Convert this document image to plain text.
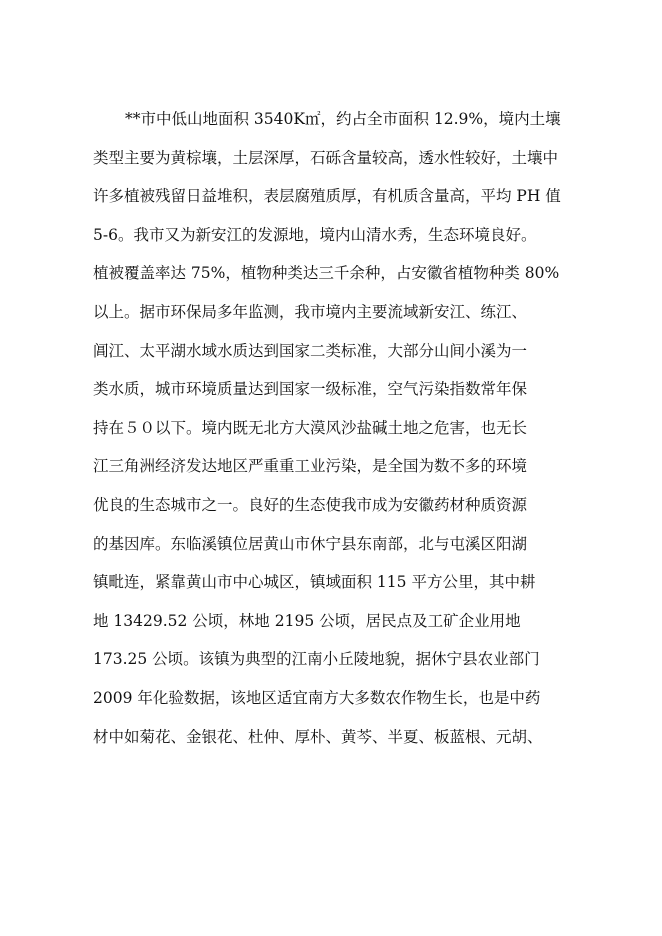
**市中低山地面积 3540K㎡，约占全市面积 12.9%，境内土壤
类型主要为黄棕壤，土层深厚，石砾含量较高，透水性较好，土壤中
许多植被残留日益堆积，表层腐殖质厚，有机质含量高，平均 PH 值
5-6。我市又为新安江的发源地，境内山清水秀，生态环境良好。
植被覆盖率达 75%，植物种类达三千余种，占安徽省植物种类 80%
以上。据市环保局多年监测，我市境内主要流域新安江、练江、
阊江、太平湖水域水质达到国家二类标准，大部分山间小溪为一
类水质，城市环境质量达到国家一级标准，空气污染指数常年保
持在５０以下。境内既无北方大漠风沙盐碱土地之危害，也无长
江三角洲经济发达地区严重重工业污染，是全国为数不多的环境
优良的生态城市之一。良好的生态使我市成为安徽药材种质资源
的基因库。东临溪镇位居黄山市休宁县东南部，北与屯溪区阳湖
镇毗连，紧靠黄山市中心城区，镇域面积 115 平方公里，其中耕
地 13429.52 公顷，林地 2195 公顷，居民点及工矿企业用地
173.25 公顷。该镇为典型的江南小丘陵地貌，据休宁县农业部门
2009 年化验数据，该地区适宜南方大多数农作物生长，也是中药
材中如菊花、金银花、杜仲、厚朴、黄芩、半夏、板蓝根、元胡、
